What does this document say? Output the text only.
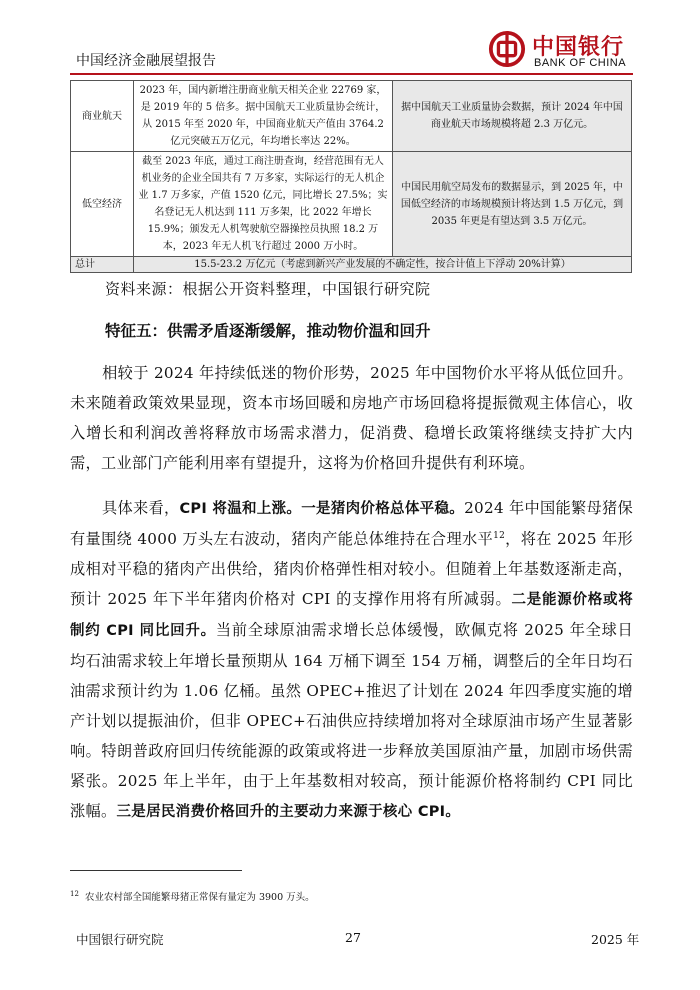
中国经济金融展望报告
中国银行
BANK OF CHINA
商业航天	2023 年，国内新增注册商业航天相关企业 22769 家，是 2019 年的 5 倍多。据中国航天工业质量协会统计，从 2015 年至 2020 年，中国商业航天产值由 3764.2 亿元突破五万亿元，年均增长率达 22%。	据中国航天工业质量协会数据，预计 2024 年中国商业航天市场规模将超 2.3 万亿元。
低空经济	截至 2023 年底，通过工商注册查询，经营范围有无人机业务的企业全国共有 7 万多家，实际运行的无人机企业 1.7 万多家，产值 1520 亿元，同比增长 27.5%；实名登记无人机达到 111 万多架，比 2022 年增长 15.9%；颁发无人机驾驶航空器操控员执照 18.2 万本，2023 年无人机飞行超过 2000 万小时。	中国民用航空局发布的数据显示，到 2025 年，中国低空经济的市场规模预计将达到 1.5 万亿元，到 2035 年更是有望达到 3.5 万亿元。
总计	15.5-23.2 万亿元（考虑到新兴产业发展的不确定性，按合计值上下浮动 20%计算）	
资料来源：根据公开资料整理，中国银行研究院
特征五：供需矛盾逐渐缓解，推动物价温和回升
相较于 2024 年持续低迷的物价形势，2025 年中国物价水平将从低位回升。未来随着政策效果显现，资本市场回暖和房地产市场回稳将提振微观主体信心，收入增长和利润改善将释放市场需求潜力，促消费、稳增长政策将继续支持扩大内需，工业部门产能利用率有望提升，这将为价格回升提供有利环境。
具体来看，CPI 将温和上涨。一是猪肉价格总体平稳。2024 年中国能繁母猪保有量围绕 4000 万头左右波动，猪肉产能总体维持在合理水平$^{12}$，将在 2025 年形成相对平稳的猪肉产出供给，猪肉价格弹性相对较小。但随着上年基数逐渐走高，预计 2025 年下半年猪肉价格对 CPI 的支撑作用将有所减弱。二是能源价格或将制约 CPI 同比回升。当前全球原油需求增长总体缓慢，欧佩克将 2025 年全球日均石油需求较上年增长量预期从 164 万桶下调至 154 万桶，调整后的全年日均石油需求预计约为 1.06 亿桶。虽然 OPEC+推迟了计划在 2024 年四季度实施的增产计划以提振油价，但非 OPEC+石油供应持续增加将对全球原油市场产生显著影响。特朗普政府回归传统能源的政策或将进一步释放美国原油产量，加剧市场供需紧张。2025 年上半年，由于上年基数相对较高，预计能源价格将制约 CPI 同比涨幅。三是居民消费价格回升的主要动力来源于核心 CPI。
$^{12}$ 农业农村部全国能繁母猪正常保有量定为 3900 万头。
中国银行研究院	27	2025 年
